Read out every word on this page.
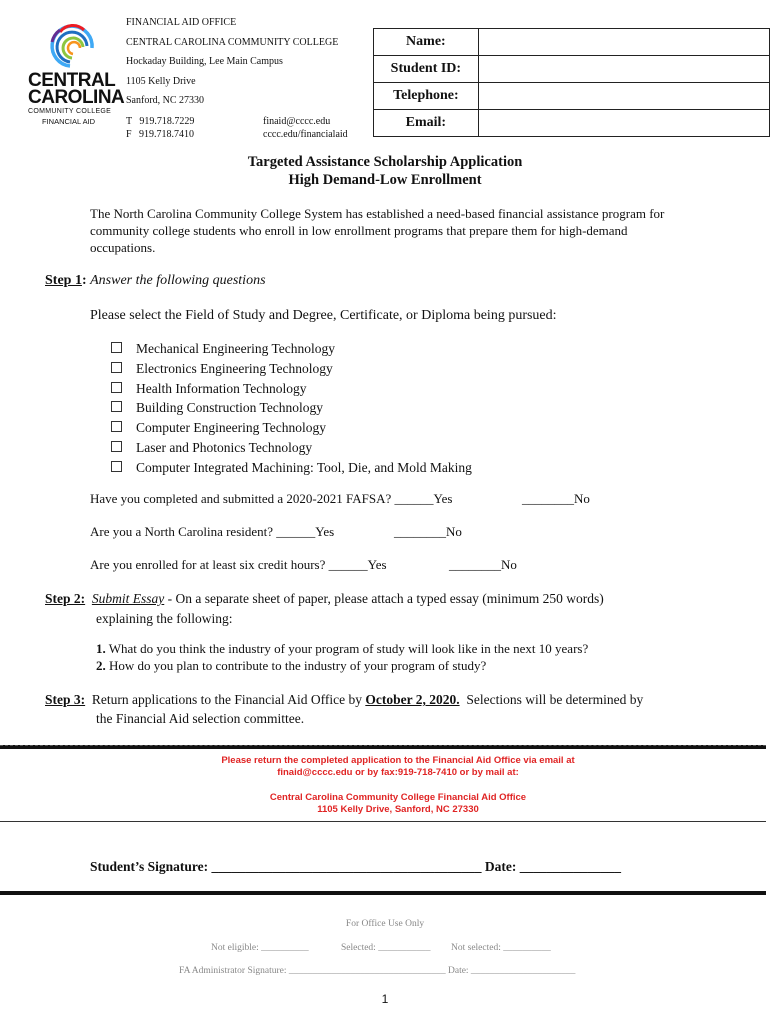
CENTRAL
CAROLINA
COMMUNITY COLLEGE
FINANCIAL AID
FINANCIAL AID OFFICE
CENTRAL CAROLINA COMMUNITY COLLEGE
Hockaday Building, Lee Main Campus
1105 Kelly Drive
Sanford, NC 27330
T   919.718.7229
F   919.718.7410
finaid@cccc.edu
cccc.edu/financialaid
Name:	
Student ID:	
Telephone:	
Email:	
Targeted Assistance Scholarship Application
High Demand-Low Enrollment
The North Carolina Community College System has established a need-based financial assistance program for community college students who enroll in low enrollment programs that prepare them for high-demand occupations.
Step 1: Answer the following questions
Please select the Field of Study and Degree, Certificate, or Diploma being pursued:
Mechanical Engineering Technology
Electronics Engineering Technology
Health Information Technology
Building Construction Technology
Computer Engineering Technology
Laser and Photonics Technology
Computer Integrated Machining: Tool, Die, and Mold Making
Have you completed and submitted a 2020-2021 FAFSA? ______Yes	________No
Are you a North Carolina resident? ______Yes	________No
Are you enrolled for at least six credit hours? ______Yes	________No
Step 2: Submit Essay - On a separate sheet of paper, please attach a typed essay (minimum 250 words)
explaining the following:
1. What do you think the industry of your program of study will look like in the next 10 years?
2. How do you plan to contribute to the industry of your program of study?
Step 3: Return applications to the Financial Aid Office by October 2, 2020.  Selections will be determined by
the Financial Aid selection committee.
Please return the completed application to the Financial Aid Office via email at
finaid@cccc.edu or by fax:919-718-7410 or by mail at:
Central Carolina Community College Financial Aid Office
1105 Kelly Drive, Sanford, NC 27330
Student’s Signature: ________________________________________ Date: _______________
For Office Use Only
Not eligible: __________	Selected: ___________ Not selected: __________
FA Administrator Signature: _________________________________ Date: ______________________
1
